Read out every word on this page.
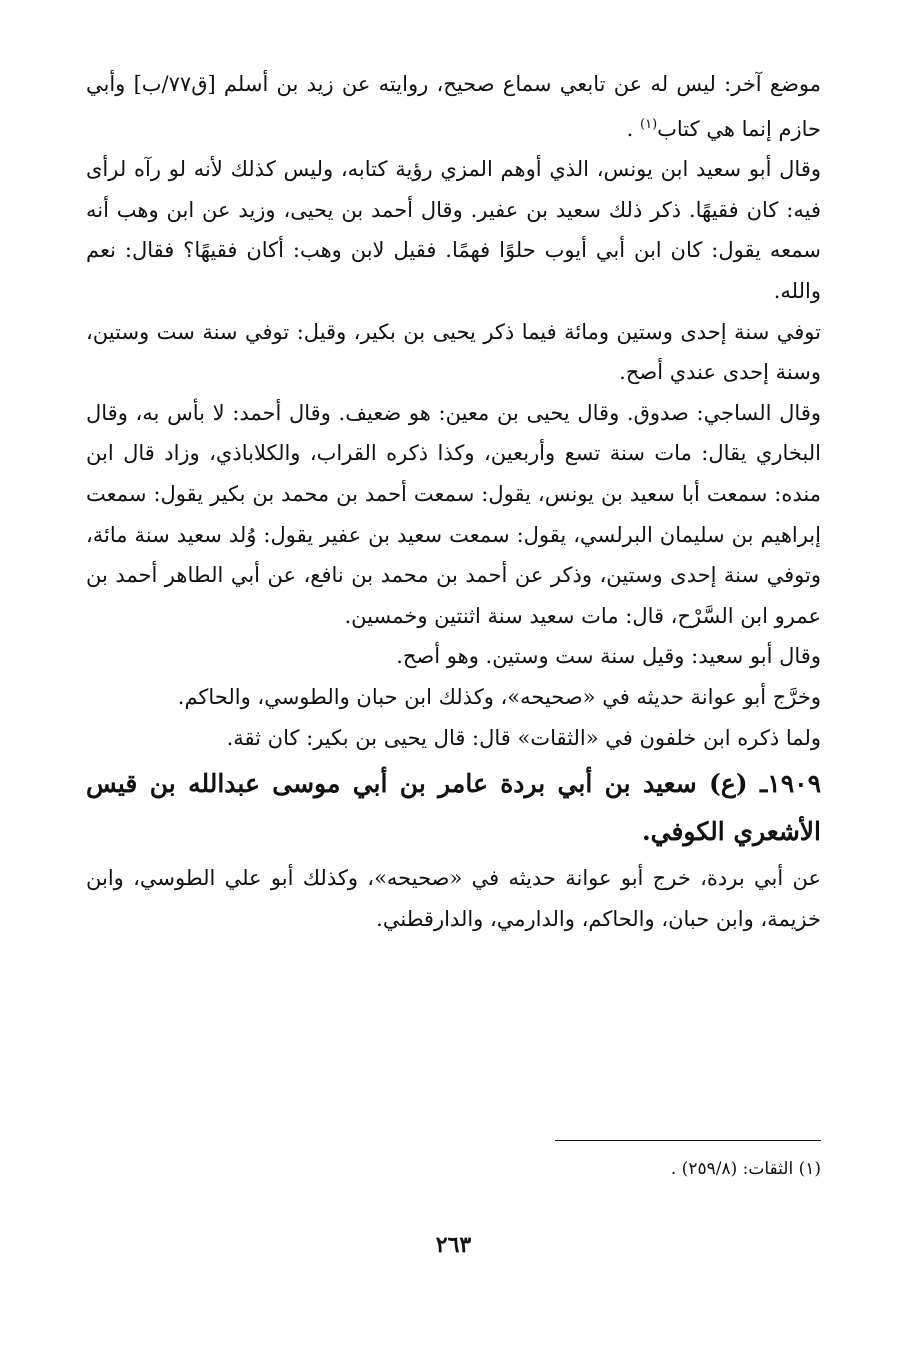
موضع آخر: ليس له عن تابعي سماع صحيح، روايته عن زيد بن أسلم [ق٧٧/ب] وأبي حازم إنما هي كتاب$^{(١)}$ .

وقال أبو سعيد ابن يونس، الذي أوهم المزي رؤية كتابه، وليس كذلك لأنه لو رآه لرأى فيه: كان فقيهًا. ذكر ذلك سعيد بن عفير. وقال أحمد بن يحيى، وزيد عن ابن وهب أنه سمعه يقول: كان ابن أبي أيوب حلوًا فهمًا. فقيل لابن وهب: أكان فقيهًا؟ فقال: نعم والله.

توفي سنة إحدى وستين ومائة فيما ذكر يحيى بن بكير، وقيل: توفي سنة ست وستين، وسنة إحدى عندي أصح.

وقال الساجي: صدوق. وقال يحيى بن معين: هو ضعيف. وقال أحمد: لا بأس به، وقال البخاري يقال: مات سنة تسع وأربعين، وكذا ذكره القراب، والكلاباذي، وزاد قال ابن منده: سمعت أبا سعيد بن يونس، يقول: سمعت أحمد بن محمد بن بكير يقول: سمعت إبراهيم بن سليمان البرلسي، يقول: سمعت سعيد بن عفير يقول: وُلد سعيد سنة مائة، وتوفي سنة إحدى وستين، وذكر عن أحمد بن محمد بن نافع، عن أبي الطاهر أحمد بن عمرو ابن السَّرْح، قال: مات سعيد سنة اثنتين وخمسين.

وقال أبو سعيد: وقيل سنة ست وستين. وهو أصح.

وخرَّج أبو عوانة حديثه في «صحيحه»، وكذلك ابن حبان والطوسي، والحاكم.

ولما ذكره ابن خلفون في «الثقات» قال: قال يحيى بن بكير: كان ثقة.

١٩٠٩ـ (ع) سعيد بن أبي بردة عامر بن أبي موسى عبدالله بن قيس الأشعري الكوفي.

عن أبي بردة، خرج أبو عوانة حديثه في «صحيحه»، وكذلك أبو علي الطوسي، وابن خزيمة، وابن حبان، والحاكم، والدارمي، والدارقطني.

(١) الثقات: (٢٥٩/٨) .
٢٦٣
